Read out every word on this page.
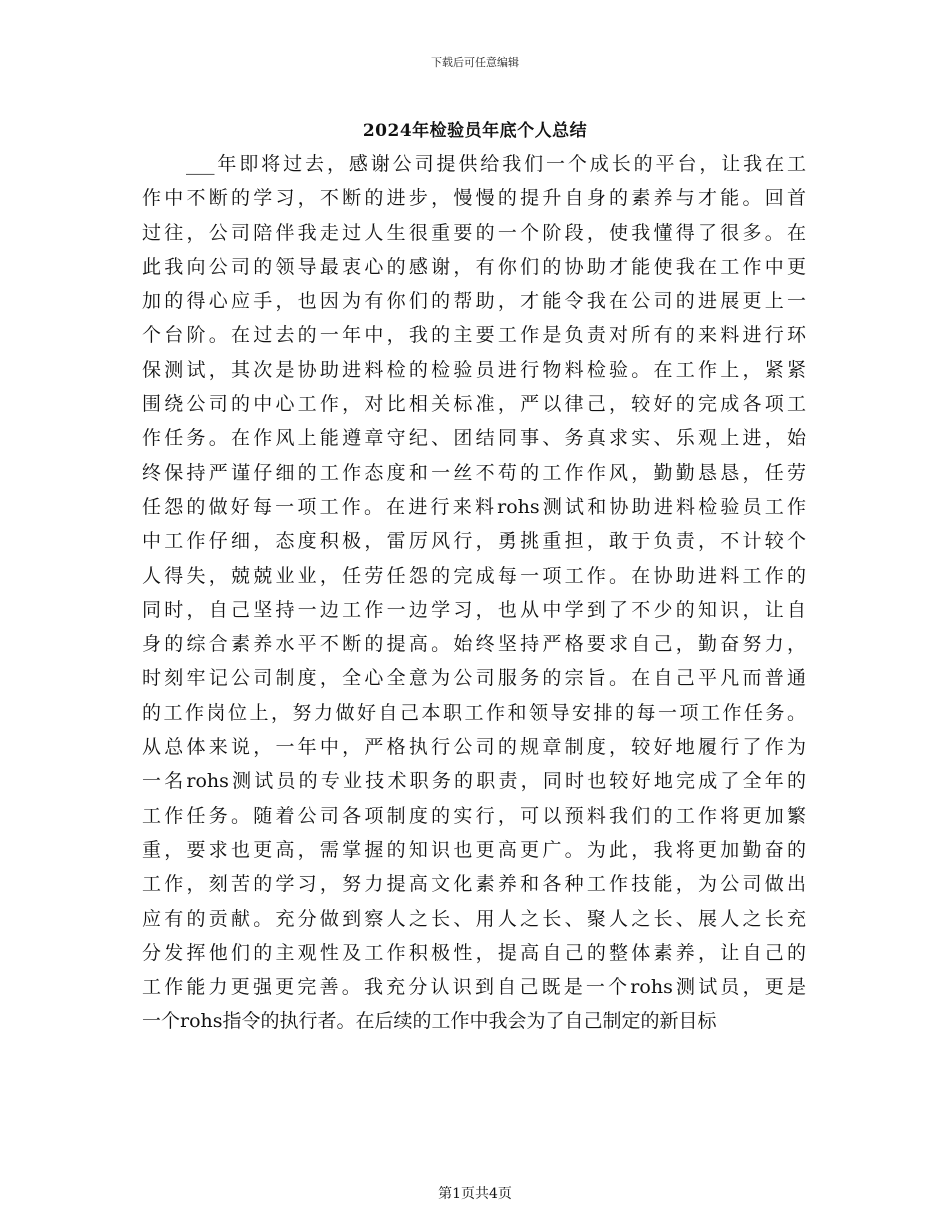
下载后可任意编辑
2024年检验员年底个人总结
___年即将过去，感谢公司提供给我们一个成长的平台，让我在工
作中不断的学习，不断的进步，慢慢的提升自身的素养与才能。回首
过往，公司陪伴我走过人生很重要的一个阶段，使我懂得了很多。在
此我向公司的领导最衷心的感谢，有你们的协助才能使我在工作中更
加的得心应手，也因为有你们的帮助，才能令我在公司的进展更上一
个台阶。在过去的一年中，我的主要工作是负责对所有的来料进行环
保测试，其次是协助进料检的检验员进行物料检验。在工作上，紧紧
围绕公司的中心工作，对比相关标准，严以律己，较好的完成各项工
作任务。在作风上能遵章守纪、团结同事、务真求实、乐观上进，始
终保持严谨仔细的工作态度和一丝不苟的工作作风，勤勤恳恳，任劳
任怨的做好每一项工作。在进行来料rohs测试和协助进料检验员工作
中工作仔细，态度积极，雷厉风行，勇挑重担，敢于负责，不计较个
人得失，兢兢业业，任劳任怨的完成每一项工作。在协助进料工作的
同时，自己坚持一边工作一边学习，也从中学到了不少的知识，让自
身的综合素养水平不断的提高。始终坚持严格要求自己，勤奋努力，
时刻牢记公司制度，全心全意为公司服务的宗旨。在自己平凡而普通
的工作岗位上，努力做好自己本职工作和领导安排的每一项工作任务。
从总体来说，一年中，严格执行公司的规章制度，较好地履行了作为
一名rohs测试员的专业技术职务的职责，同时也较好地完成了全年的
工作任务。随着公司各项制度的实行，可以预料我们的工作将更加繁
重，要求也更高，需掌握的知识也更高更广。为此，我将更加勤奋的
工作，刻苦的学习，努力提高文化素养和各种工作技能，为公司做出
应有的贡献。充分做到察人之长、用人之长、聚人之长、展人之长充
分发挥他们的主观性及工作积极性，提高自己的整体素养，让自己的
工作能力更强更完善。我充分认识到自己既是一个rohs测试员，更是
一个rohs指令的执行者。在后续的工作中我会为了自己制定的新目标
第1页共4页
